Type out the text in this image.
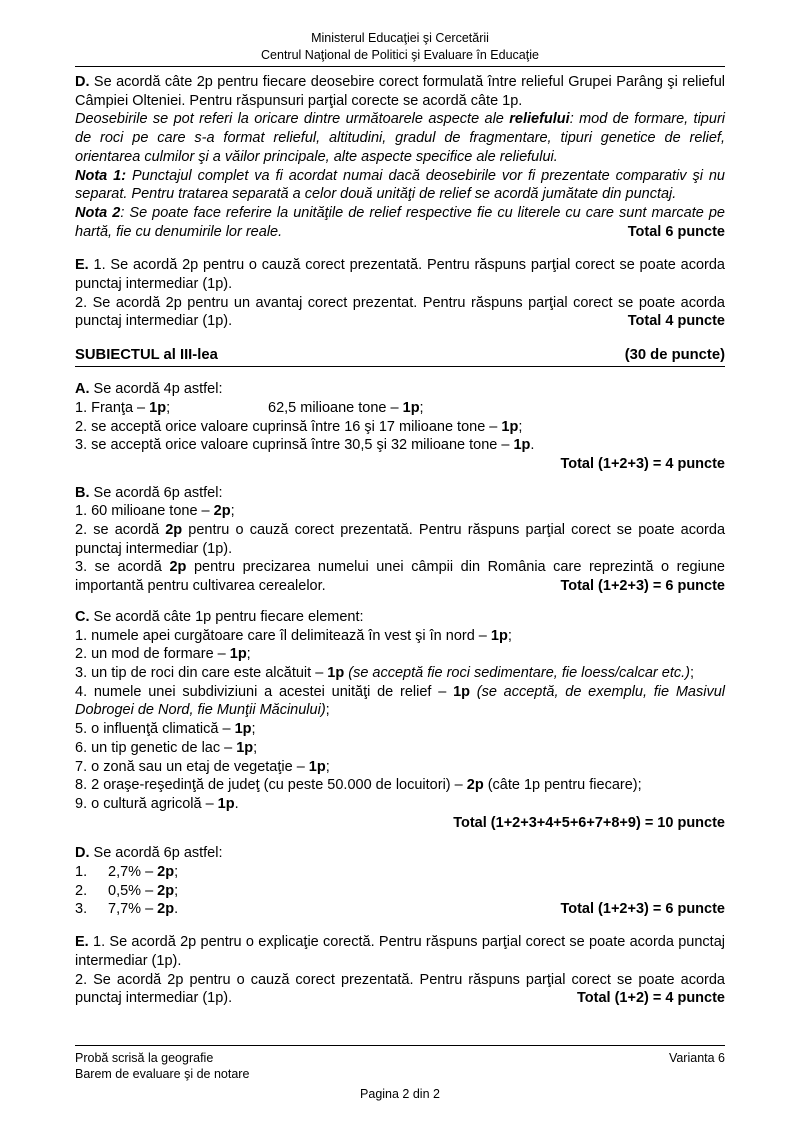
Ministerul Educaţiei şi Cercetării
Centrul Naţional de Politici şi Evaluare în Educaţie

D. Se acordă câte 2p pentru fiecare deosebire corect formulată între relieful Grupei Parâng şi relieful Câmpiei Olteniei. Pentru răspunsuri parţial corecte se acordă câte 1p.

Deosebirile se pot referi la oricare dintre următoarele aspecte ale reliefului: mod de formare, tipuri de roci pe care s-a format relieful, altitudini, gradul de fragmentare, tipuri genetice de relief, orientarea culmilor şi a văilor principale, alte aspecte specifice ale reliefului.

Nota 1: Punctajul complet va fi acordat numai dacă deosebirile vor fi prezentate comparativ şi nu separat. Pentru tratarea separată a celor două unităţi de relief se acordă jumătate din punctaj.

Nota 2: Se poate face referire la unităţile de relief respective fie cu literele cu care sunt marcate pe hartă, fie cu denumirile lor reale.	Total 6 puncte

E. 1. Se acordă 2p pentru o cauză corect prezentată. Pentru răspuns parţial corect se poate acorda punctaj intermediar (1p).

2. Se acordă 2p pentru un avantaj corect prezentat. Pentru răspuns parţial corect se poate acorda punctaj intermediar (1p).	Total 4 puncte

SUBIECTUL al III-lea	(30 de puncte)

A. Se acordă 4p astfel:

1. Franţa – 1p;	62,5 milioane tone – 1p;

2. se acceptă orice valoare cuprinsă între 16 şi 17 milioane tone – 1p;

3. se acceptă orice valoare cuprinsă între 30,5 şi 32 milioane tone – 1p.

Total (1+2+3) = 4 puncte

B. Se acordă 6p astfel:

1. 60 milioane tone – 2p;

2. se acordă 2p pentru o cauză corect prezentată. Pentru răspuns parţial corect se poate acorda punctaj intermediar (1p).

3. se acordă 2p pentru precizarea numelui unei câmpii din România care reprezintă o regiune importantă pentru cultivarea cerealelor.	Total (1+2+3) = 6 puncte

C. Se acordă câte 1p pentru fiecare element:

1. numele apei curgătoare care îl delimitează în vest şi în nord – 1p;

2. un mod de formare – 1p;

3. un tip de roci din care este alcătuit – 1p (se acceptă fie roci sedimentare, fie loess/calcar etc.);

4. numele unei subdiviziuni a acestei unităţi de relief – 1p (se acceptă, de exemplu, fie Masivul Dobrogei de Nord, fie Munţii Măcinului);

5. o influenţă climatică – 1p;

6. un tip genetic de lac – 1p;

7. o zonă sau un etaj de vegetaţie – 1p;

8. 2 oraşe-reşedinţă de judeţ (cu peste 50.000 de locuitori) – 2p (câte 1p pentru fiecare);

9. o cultură agricolă – 1p.

Total (1+2+3+4+5+6+7+8+9) = 10 puncte

D. Se acordă 6p astfel:

1. 2,7% – 2p;
2. 0,5% – 2p;
3. 7,7% – 2p.	Total (1+2+3) = 6 puncte

E. 1. Se acordă 2p pentru o explicaţie corectă. Pentru răspuns parţial corect se poate acorda punctaj intermediar (1p).

2. Se acordă 2p pentru o cauză corect prezentată. Pentru răspuns parţial corect se poate acorda punctaj intermediar (1p).	Total (1+2) = 4 puncte

Probă scrisă la geografie	Varianta 6
Barem de evaluare şi de notare
Pagina 2 din 2
